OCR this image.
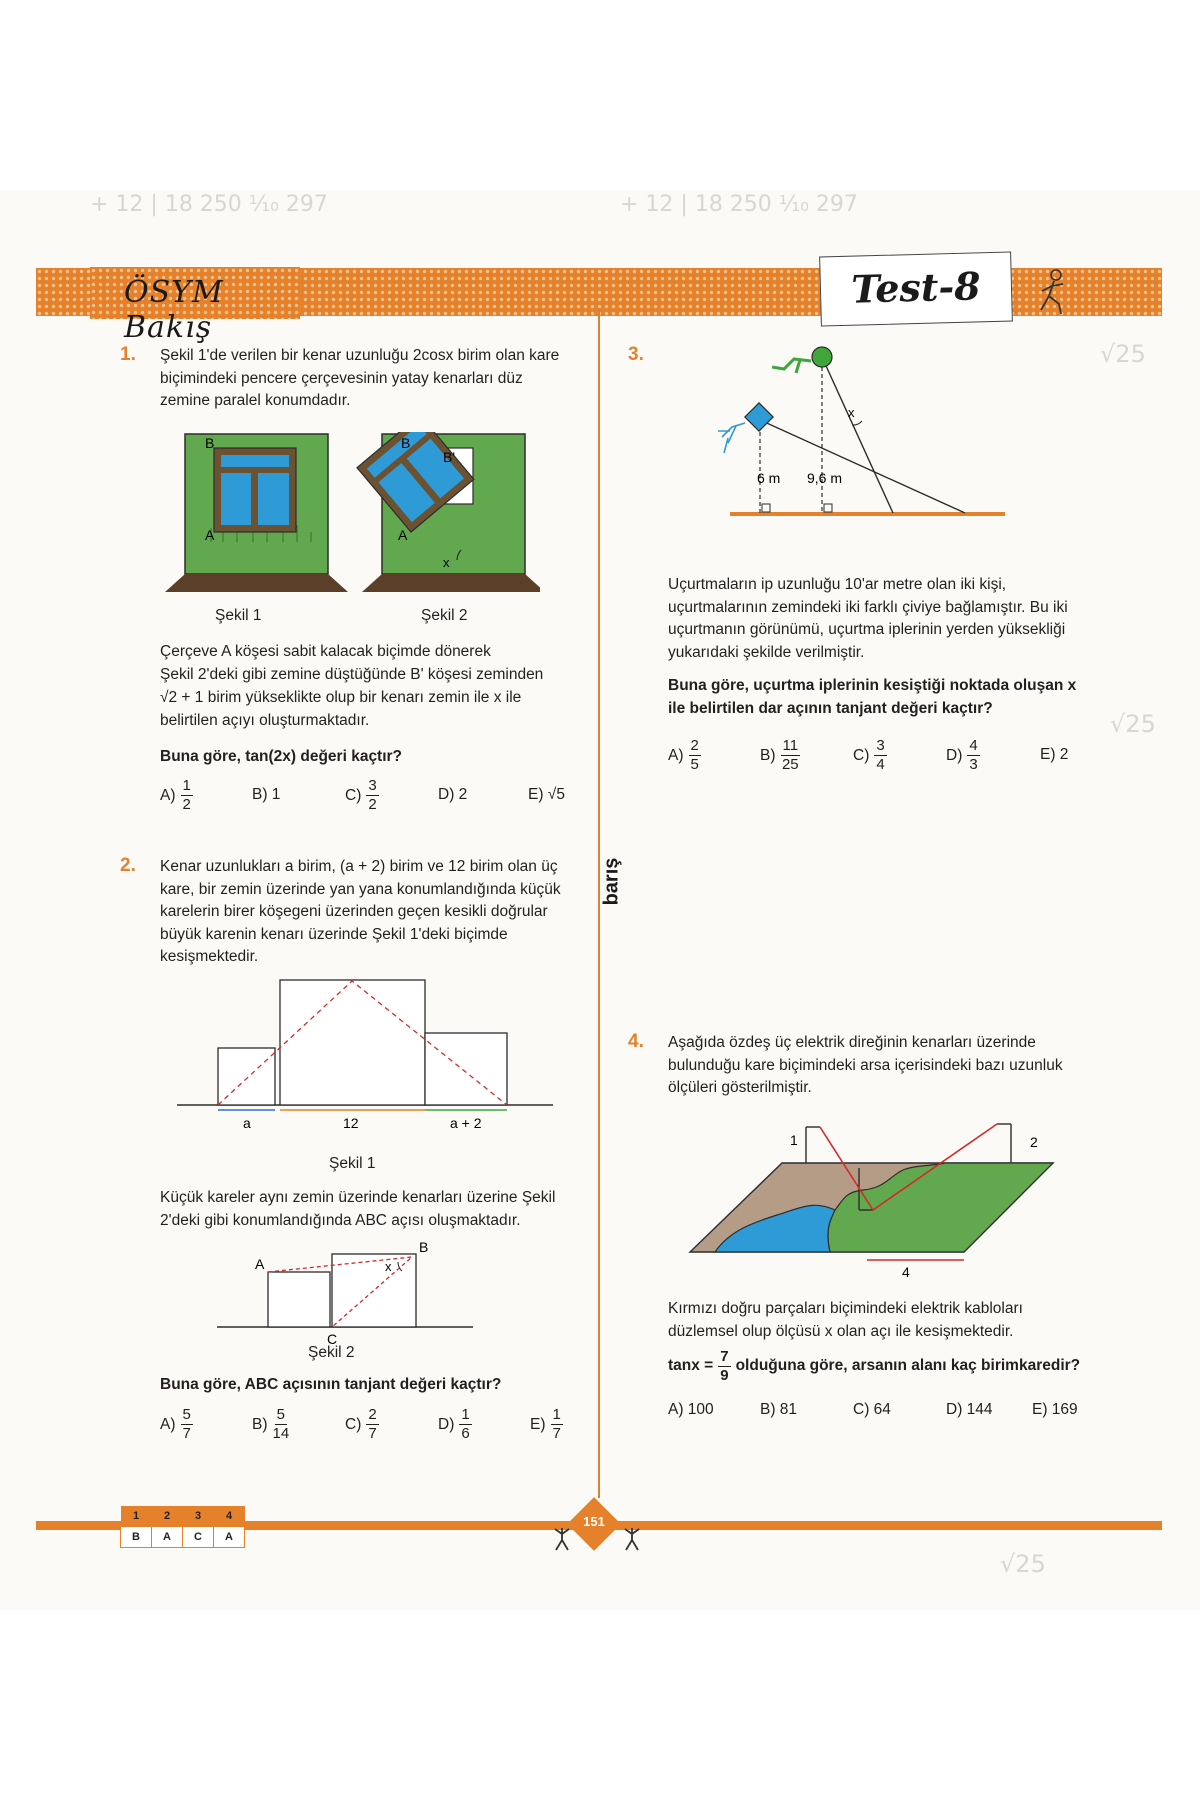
+ 12 | 18 250 ¹⁄₁₀ 297	+ 12 | 18 250 ¹⁄₁₀ 297
√25
√25
√25
ÖSYM Bakış
Test-8
barış
1. Şekil 1'de verilen bir kenar uzunluğu 2cosx birim olan kare biçimindeki pencere çerçevesinin yatay kenarları düz zemine paralel konumdadır.
B
A
B
B'
A
x
Şekil 1	Şekil 2
Çerçeve A köşesi sabit kalacak biçimde dönerek
Şekil 2'deki gibi zemine düştüğünde B' köşesi zeminden
√2 + 1 birim yükseklikte olup bir kenarı zemin ile x ile
belirtilen açıyı oluşturmaktadır.
Buna göre, tan(2x) değeri kaçtır?
$A) \frac{1}{2}$	B) 1	$C) \frac{3}{2}$	D) 2	E) √5
2. Kenar uzunlukları a birim, (a + 2) birim ve 12 birim olan üç kare, bir zemin üzerinde yan yana konumlandığında küçük karelerin birer köşegeni üzerinden geçen kesikli doğrular büyük karenin kenarı üzerinde Şekil 1'deki biçimde kesişmektedir.
a	12	a + 2
Şekil 1
Küçük kareler aynı zemin üzerinde kenarları üzerine Şekil 2'deki gibi konumlandığında ABC açısı oluşmaktadır.
A
B
C
x
Şekil 2
Buna göre, ABC açısının tanjant değeri kaçtır?
$A) \frac{5}{7}$	$B) \frac{5}{14}$	$C) \frac{2}{7}$	$D) \frac{1}{6}$	$E) \frac{1}{7}$
3.
x
6 m 9,6 m
Uçurtmaların ip uzunluğu 10'ar metre olan iki kişi, uçurtmalarının zemindeki iki farklı çiviye bağlamıştır. Bu iki uçurtmanın görünümü, uçurtma iplerinin yerden yüksekliği yukarıdaki şekilde verilmiştir.
Buna göre, uçurtma iplerinin kesiştiği noktada oluşan x ile belirtilen dar açının tanjant değeri kaçtır?
$A) \frac{2}{5}$	$B) \frac{11}{25}$	$C) \frac{3}{4}$	$D) \frac{4}{3}$	E) 2
4. Aşağıda özdeş üç elektrik direğinin kenarları üzerinde bulunduğu kare biçimindeki arsa içerisindeki bazı uzunluk ölçüleri gösterilmiştir.
1	2
4
Kırmızı doğru parçaları biçimindeki elektrik kabloları düzlemsel olup ölçüsü x olan açı ile kesişmektedir.
$\tan x = \frac{7}{9}$ olduğuna göre, arsanın alanı kaç birimkaredir?
A) 100	B) 81	C) 64	D) 144	E) 169
1	2	3	4
B	A	C	A
151
